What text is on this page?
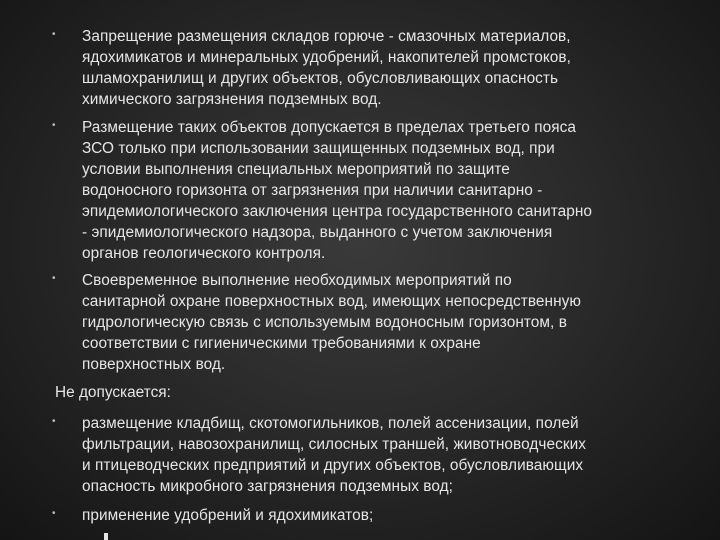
• Запрещение размещения складов горюче - смазочных материалов,
ядохимикатов и минеральных удобрений, накопителей промстоков,
шламохранилищ и других объектов, обусловливающих опасность
химического загрязнения подземных вод.
• Размещение таких объектов допускается в пределах третьего пояса
ЗСО только при использовании защищенных подземных вод, при
условии выполнения специальных мероприятий по защите
водоносного горизонта от загрязнения при наличии санитарно -
эпидемиологического заключения центра государственного санитарно
- эпидемиологического надзора, выданного с учетом заключения
органов геологического контроля.
• Своевременное выполнение необходимых мероприятий по
санитарной охране поверхностных вод, имеющих непосредственную
гидрологическую связь с используемым водоносным горизонтом, в
соответствии с гигиеническими требованиями к охране
поверхностных вод.
Не допускается:
• размещение кладбищ, скотомогильников, полей ассенизации, полей
фильтрации, навозохранилищ, силосных траншей, животноводческих
и птицеводческих предприятий и других объектов, обусловливающих
опасность микробного загрязнения подземных вод;
• применение удобрений и ядохимикатов;
